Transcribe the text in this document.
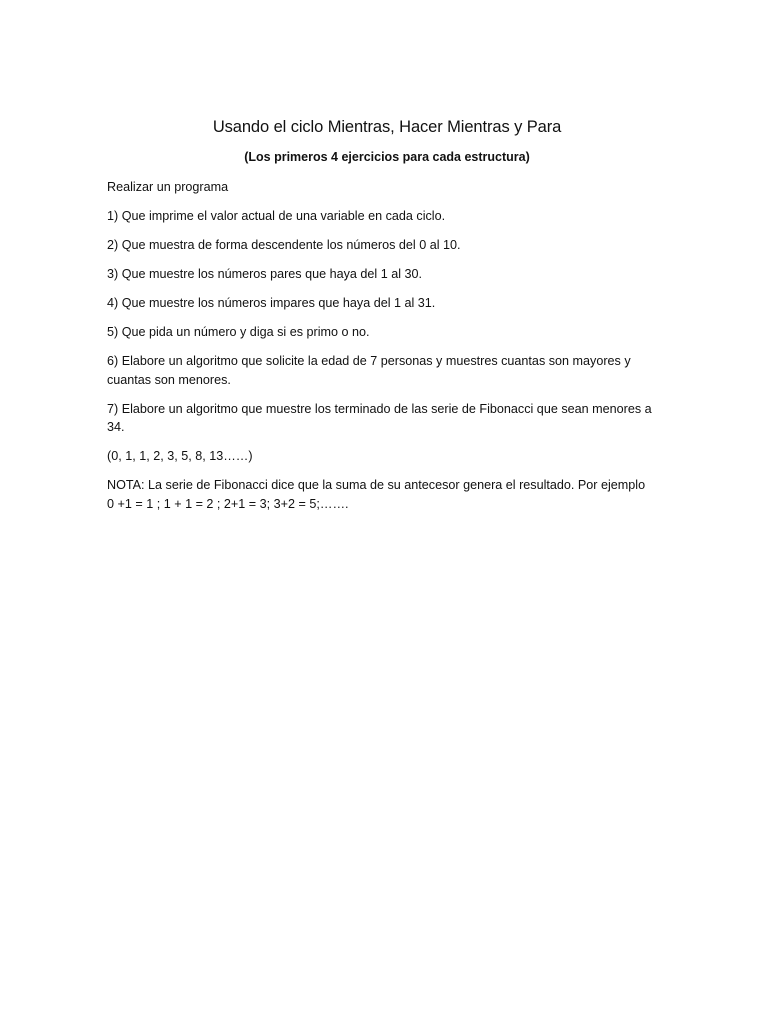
Usando el ciclo Mientras, Hacer Mientras y Para
(Los primeros 4 ejercicios para cada estructura)

Realizar un programa

1) Que imprime el valor actual de una variable en cada ciclo.

2) Que muestra de forma descendente los números del 0 al 10.

3) Que muestre los números pares que haya del 1 al 30.

4) Que muestre los números impares que haya del 1 al 31.

5) Que pida un número y diga si es primo o no.

6) Elabore un algoritmo que solicite la edad de 7 personas y muestres cuantas son mayores y cuantas son menores.

7) Elabore un algoritmo que muestre los terminado de las serie de Fibonacci que sean menores a 34.

(0, 1, 1, 2, 3, 5, 8, 13……)

NOTA: La serie de Fibonacci dice que la suma de su antecesor genera el resultado. Por ejemplo 0 +1 = 1 ; 1 + 1 = 2 ; 2+1 = 3; 3+2 = 5;…….
